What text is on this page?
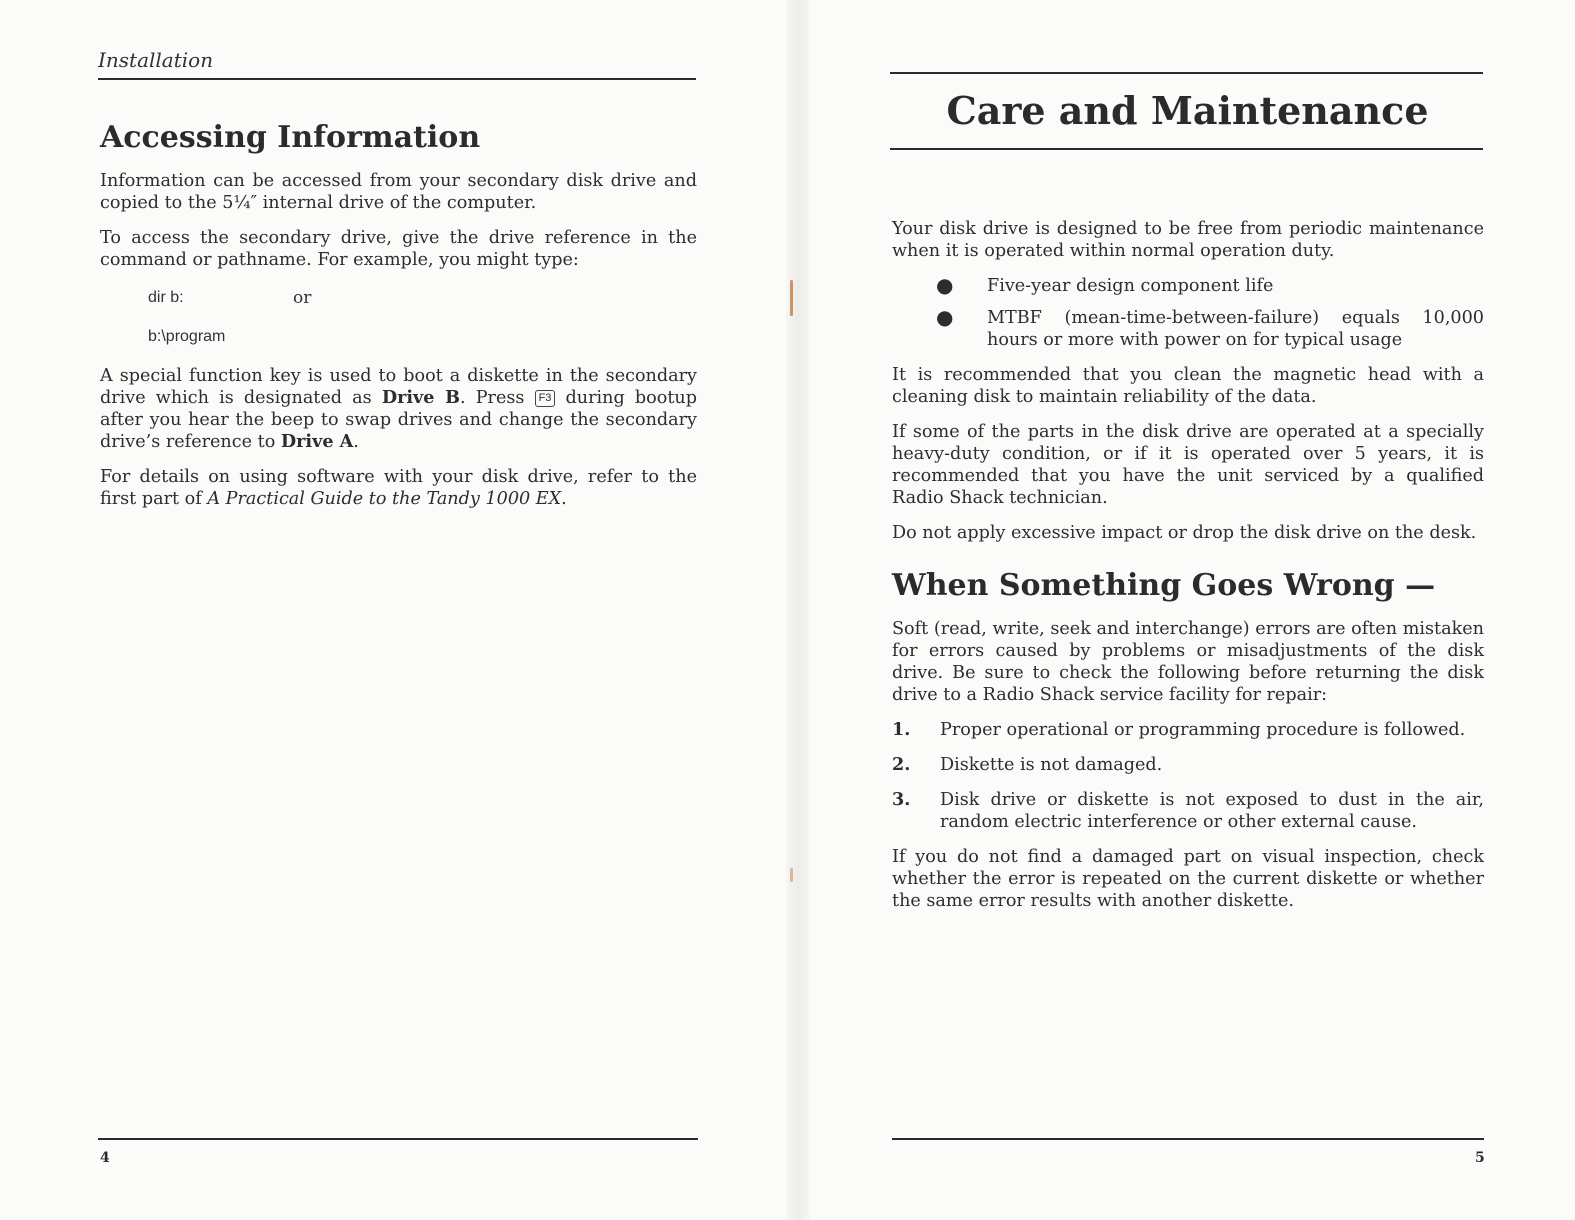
Installation
Accessing Information

Information can be accessed from your secondary disk drive and copied to the 5¼″ internal drive of the computer.

To access the secondary drive, give the drive reference in the command or pathname. For example, you might type:

dir b:	or
b:\program

A special function key is used to boot a diskette in the secondary drive which is designated as Drive B. Press F3 during bootup after you hear the beep to swap drives and change the secondary drive’s reference to Drive A.

For details on using software with your disk drive, refer to the first part of A Practical Guide to the Tandy 1000 EX.

4
Care and Maintenance

Your disk drive is designed to be free from periodic maintenance when it is operated within normal operation duty.

●	Five-year design component life
●	MTBF (mean-time-between-failure) equals 10,000 hours or more with power on for typical usage

It is recommended that you clean the magnetic head with a cleaning disk to maintain reliability of the data.

If some of the parts in the disk drive are operated at a specially heavy-duty condition, or if it is operated over 5 years, it is recommended that you have the unit serviced by a qualified Radio Shack technician.

Do not apply excessive impact or drop the disk drive on the desk.

When Something Goes Wrong —

Soft (read, write, seek and interchange) errors are often mistaken for errors caused by problems or misadjustments of the disk drive. Be sure to check the following before returning the disk drive to a Radio Shack service facility for repair:

1.	Proper operational or programming procedure is followed.
2.	Diskette is not damaged.
3.	Disk drive or diskette is not exposed to dust in the air, random electric interference or other external cause.

If you do not find a damaged part on visual inspection, check whether the error is repeated on the current diskette or whether the same error results with another diskette.

5
